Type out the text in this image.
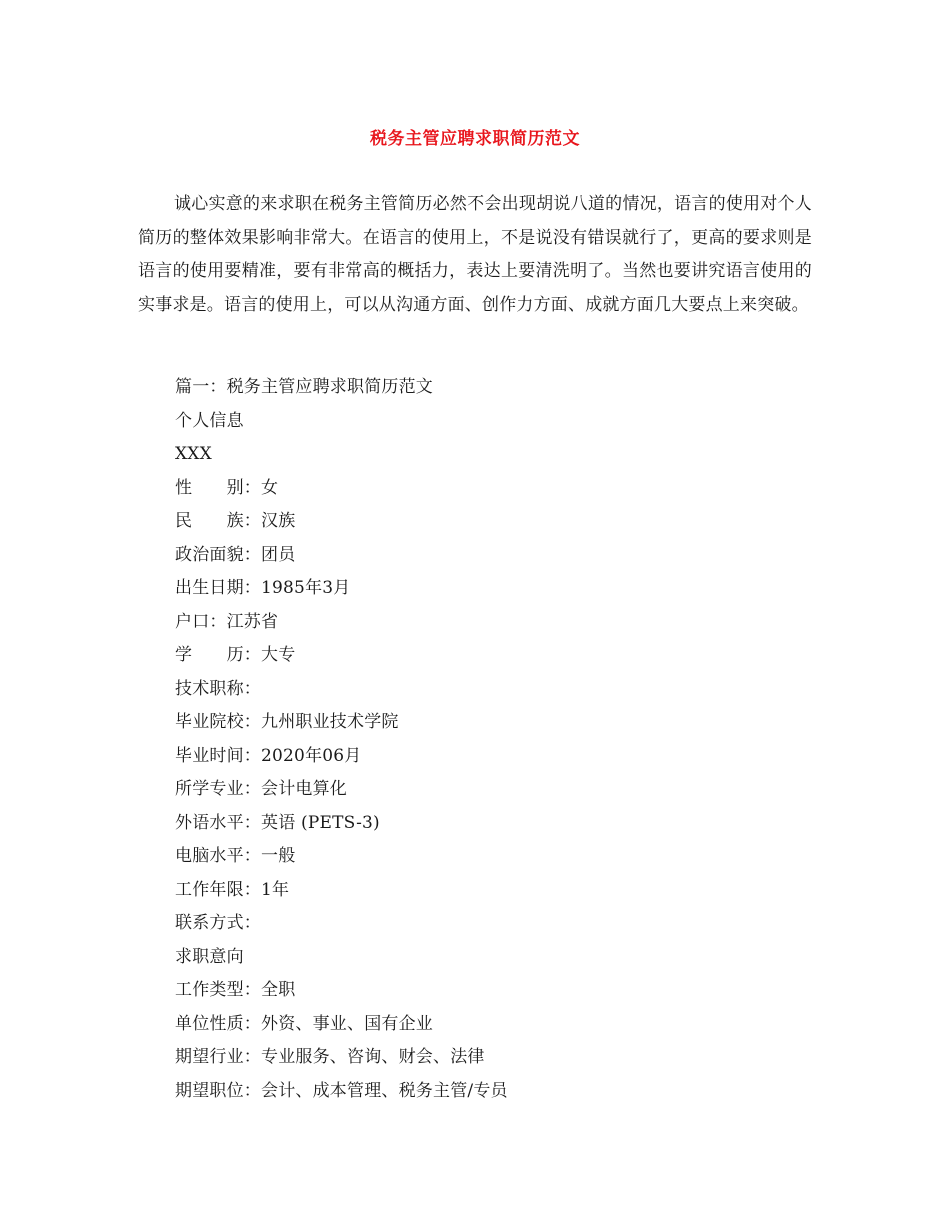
税务主管应聘求职简历范文

诚心实意的来求职在税务主管简历必然不会出现胡说八道的情况，语言的使用对个人简历的整体效果影响非常大。在语言的使用上，不是说没有错误就行了，更高的要求则是语言的使用要精准，要有非常高的概括力，表达上要清洗明了。当然也要讲究语言使用的实事求是。语言的使用上，可以从沟通方面、创作力方面、成就方面几大要点上来突破。

篇一：税务主管应聘求职简历范文
个人信息
XXX
性　　别：女
民　　族：汉族
政治面貌：团员
出生日期：1985年3月
户口：江苏省
学　　历：大专
技术职称：
毕业院校：九州职业技术学院
毕业时间：2020年06月
所学专业：会计电算化
外语水平：英语 (PETS-3)
电脑水平：一般
工作年限：1年
联系方式：
求职意向
工作类型：全职
单位性质：外资、事业、国有企业
期望行业：专业服务、咨询、财会、法律
期望职位：会计、成本管理、税务主管/专员
